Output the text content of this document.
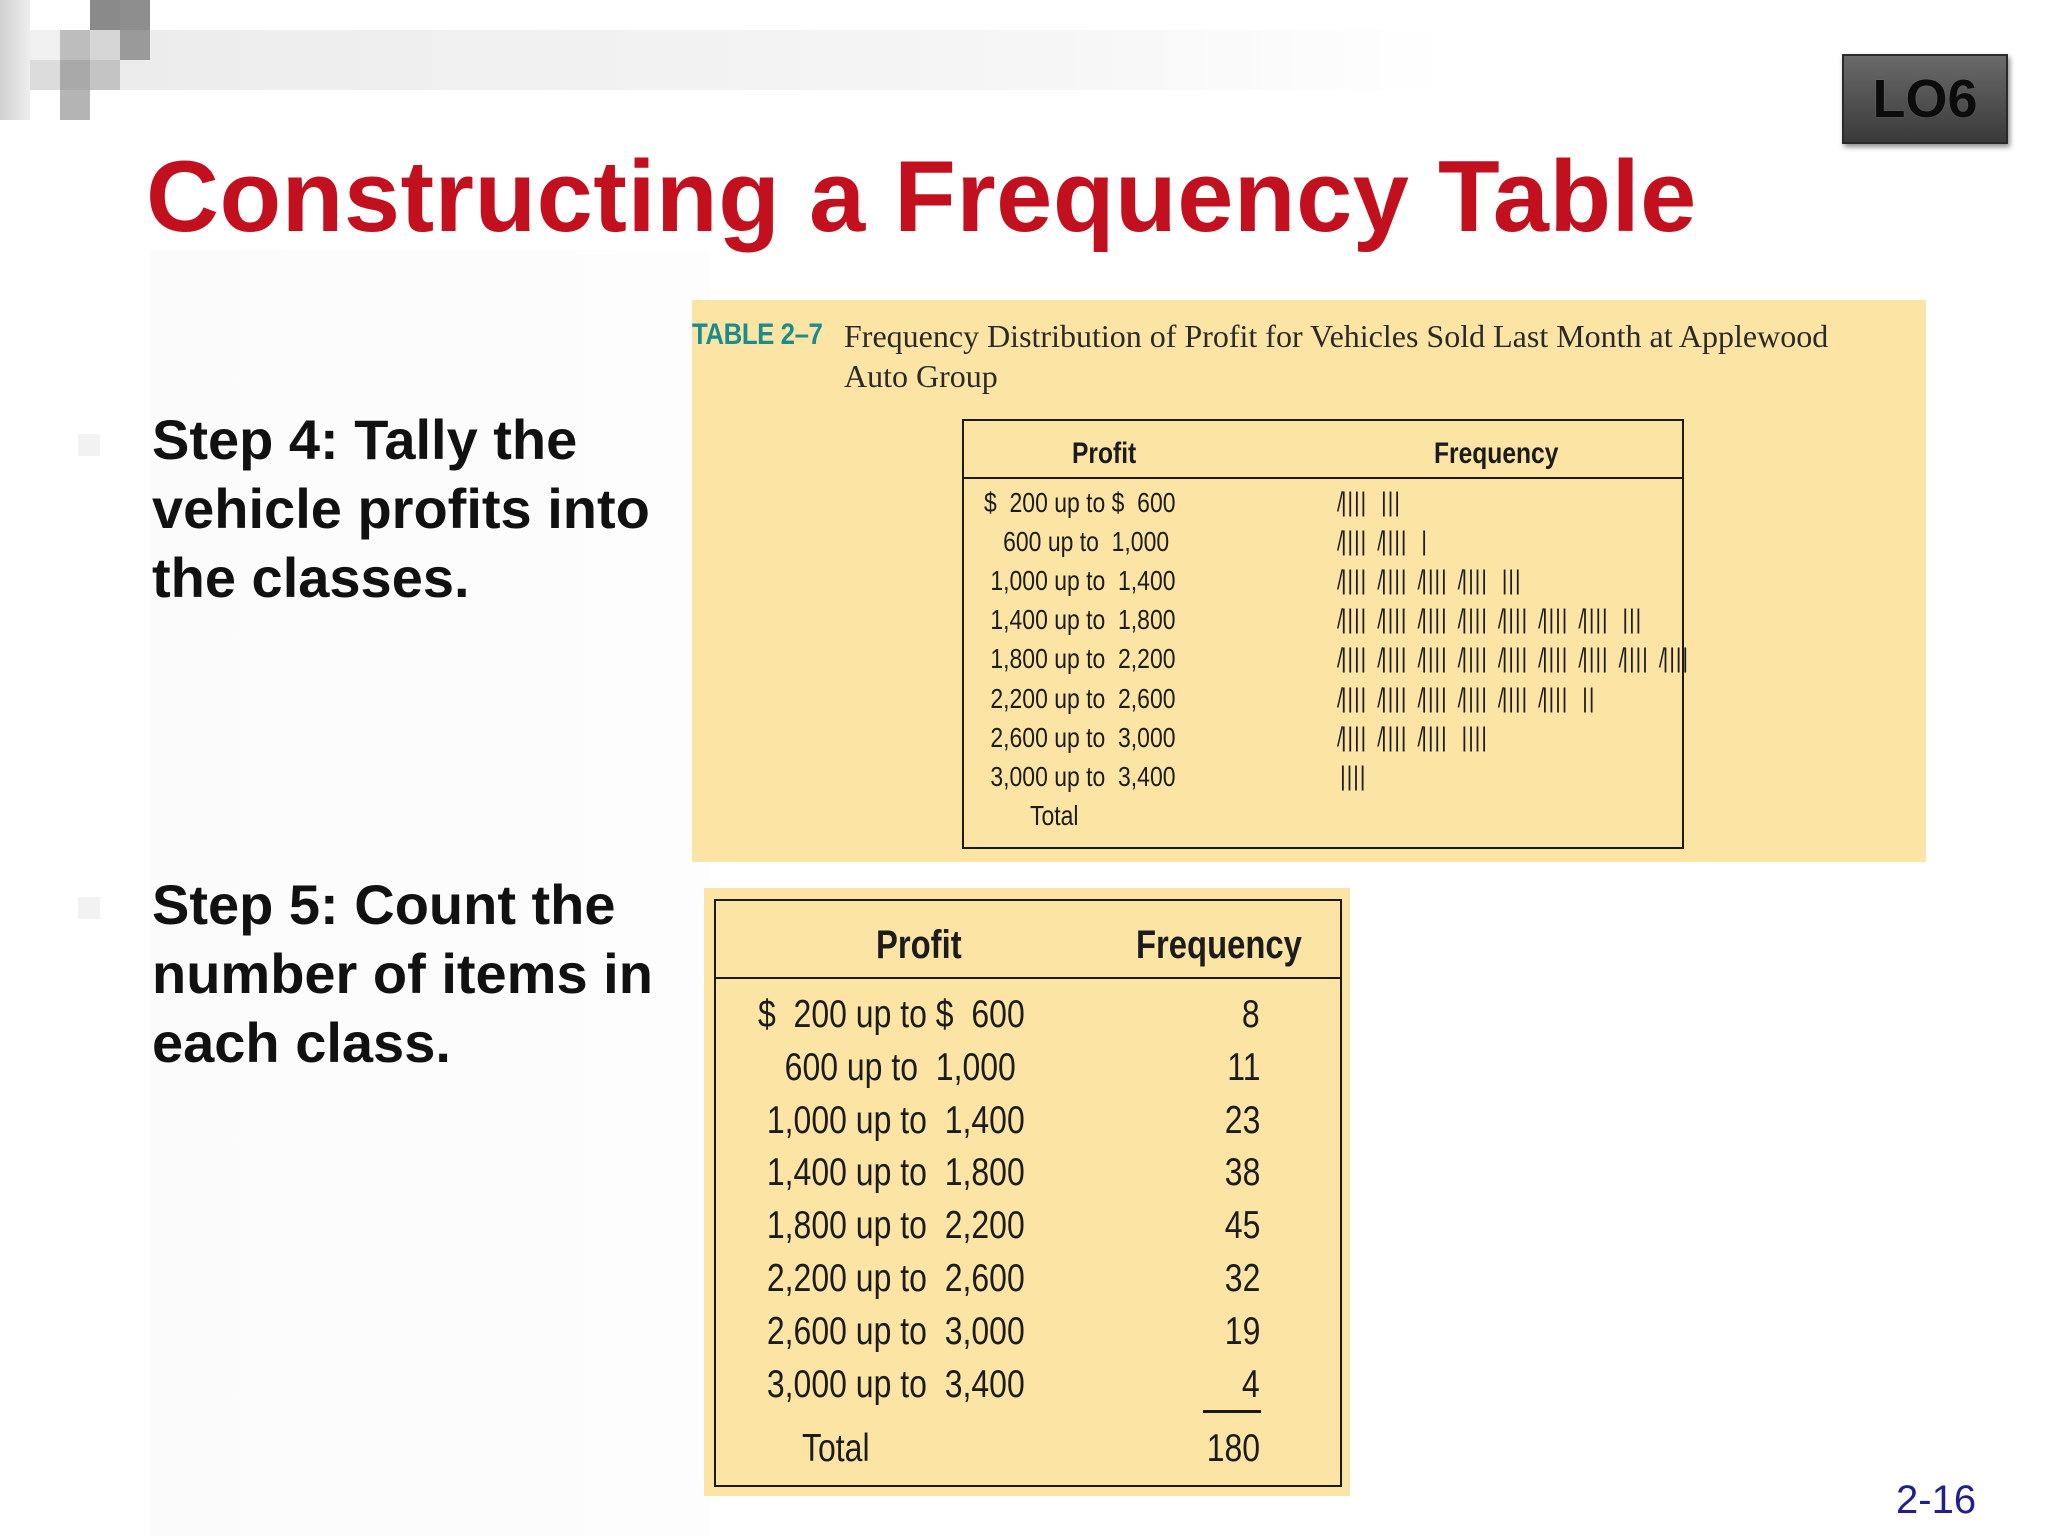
LO6
Constructing a Frequency Table
Step 4: Tally the
vehicle profits into
the classes.
Step 5: Count the
number of items in
each class.
TABLE 2–7 Frequency Distribution of Profit for Vehicles Sold Last Month at Applewood Auto Group
Profit	Frequency
$  200 up to $  600	̸||||  |||
600 up to  1,000	̸||||  ̸||||  |
1,000 up to  1,400	̸||||  ̸||||  ̸||||  ̸||||  |||
1,400 up to  1,800	̸||||  ̸||||  ̸||||  ̸||||  ̸||||  ̸||||  ̸||||  |||
1,800 up to  2,200	̸||||  ̸||||  ̸||||  ̸||||  ̸||||  ̸||||  ̸||||  ̸||||  ̸||||
2,200 up to  2,600	̸||||  ̸||||  ̸||||  ̸||||  ̸||||  ̸||||  ||
2,600 up to  3,000	̸||||  ̸||||  ̸||||  ||||
3,000 up to  3,400	||||
Total
Profit	Frequency
$  200 up to $  600	8
600 up to  1,000	11
1,000 up to  1,400	23
1,400 up to  1,800	38
1,800 up to  2,200	45
2,200 up to  2,600	32
2,600 up to  3,000	19
3,000 up to  3,400	4
Total	180
2-16
